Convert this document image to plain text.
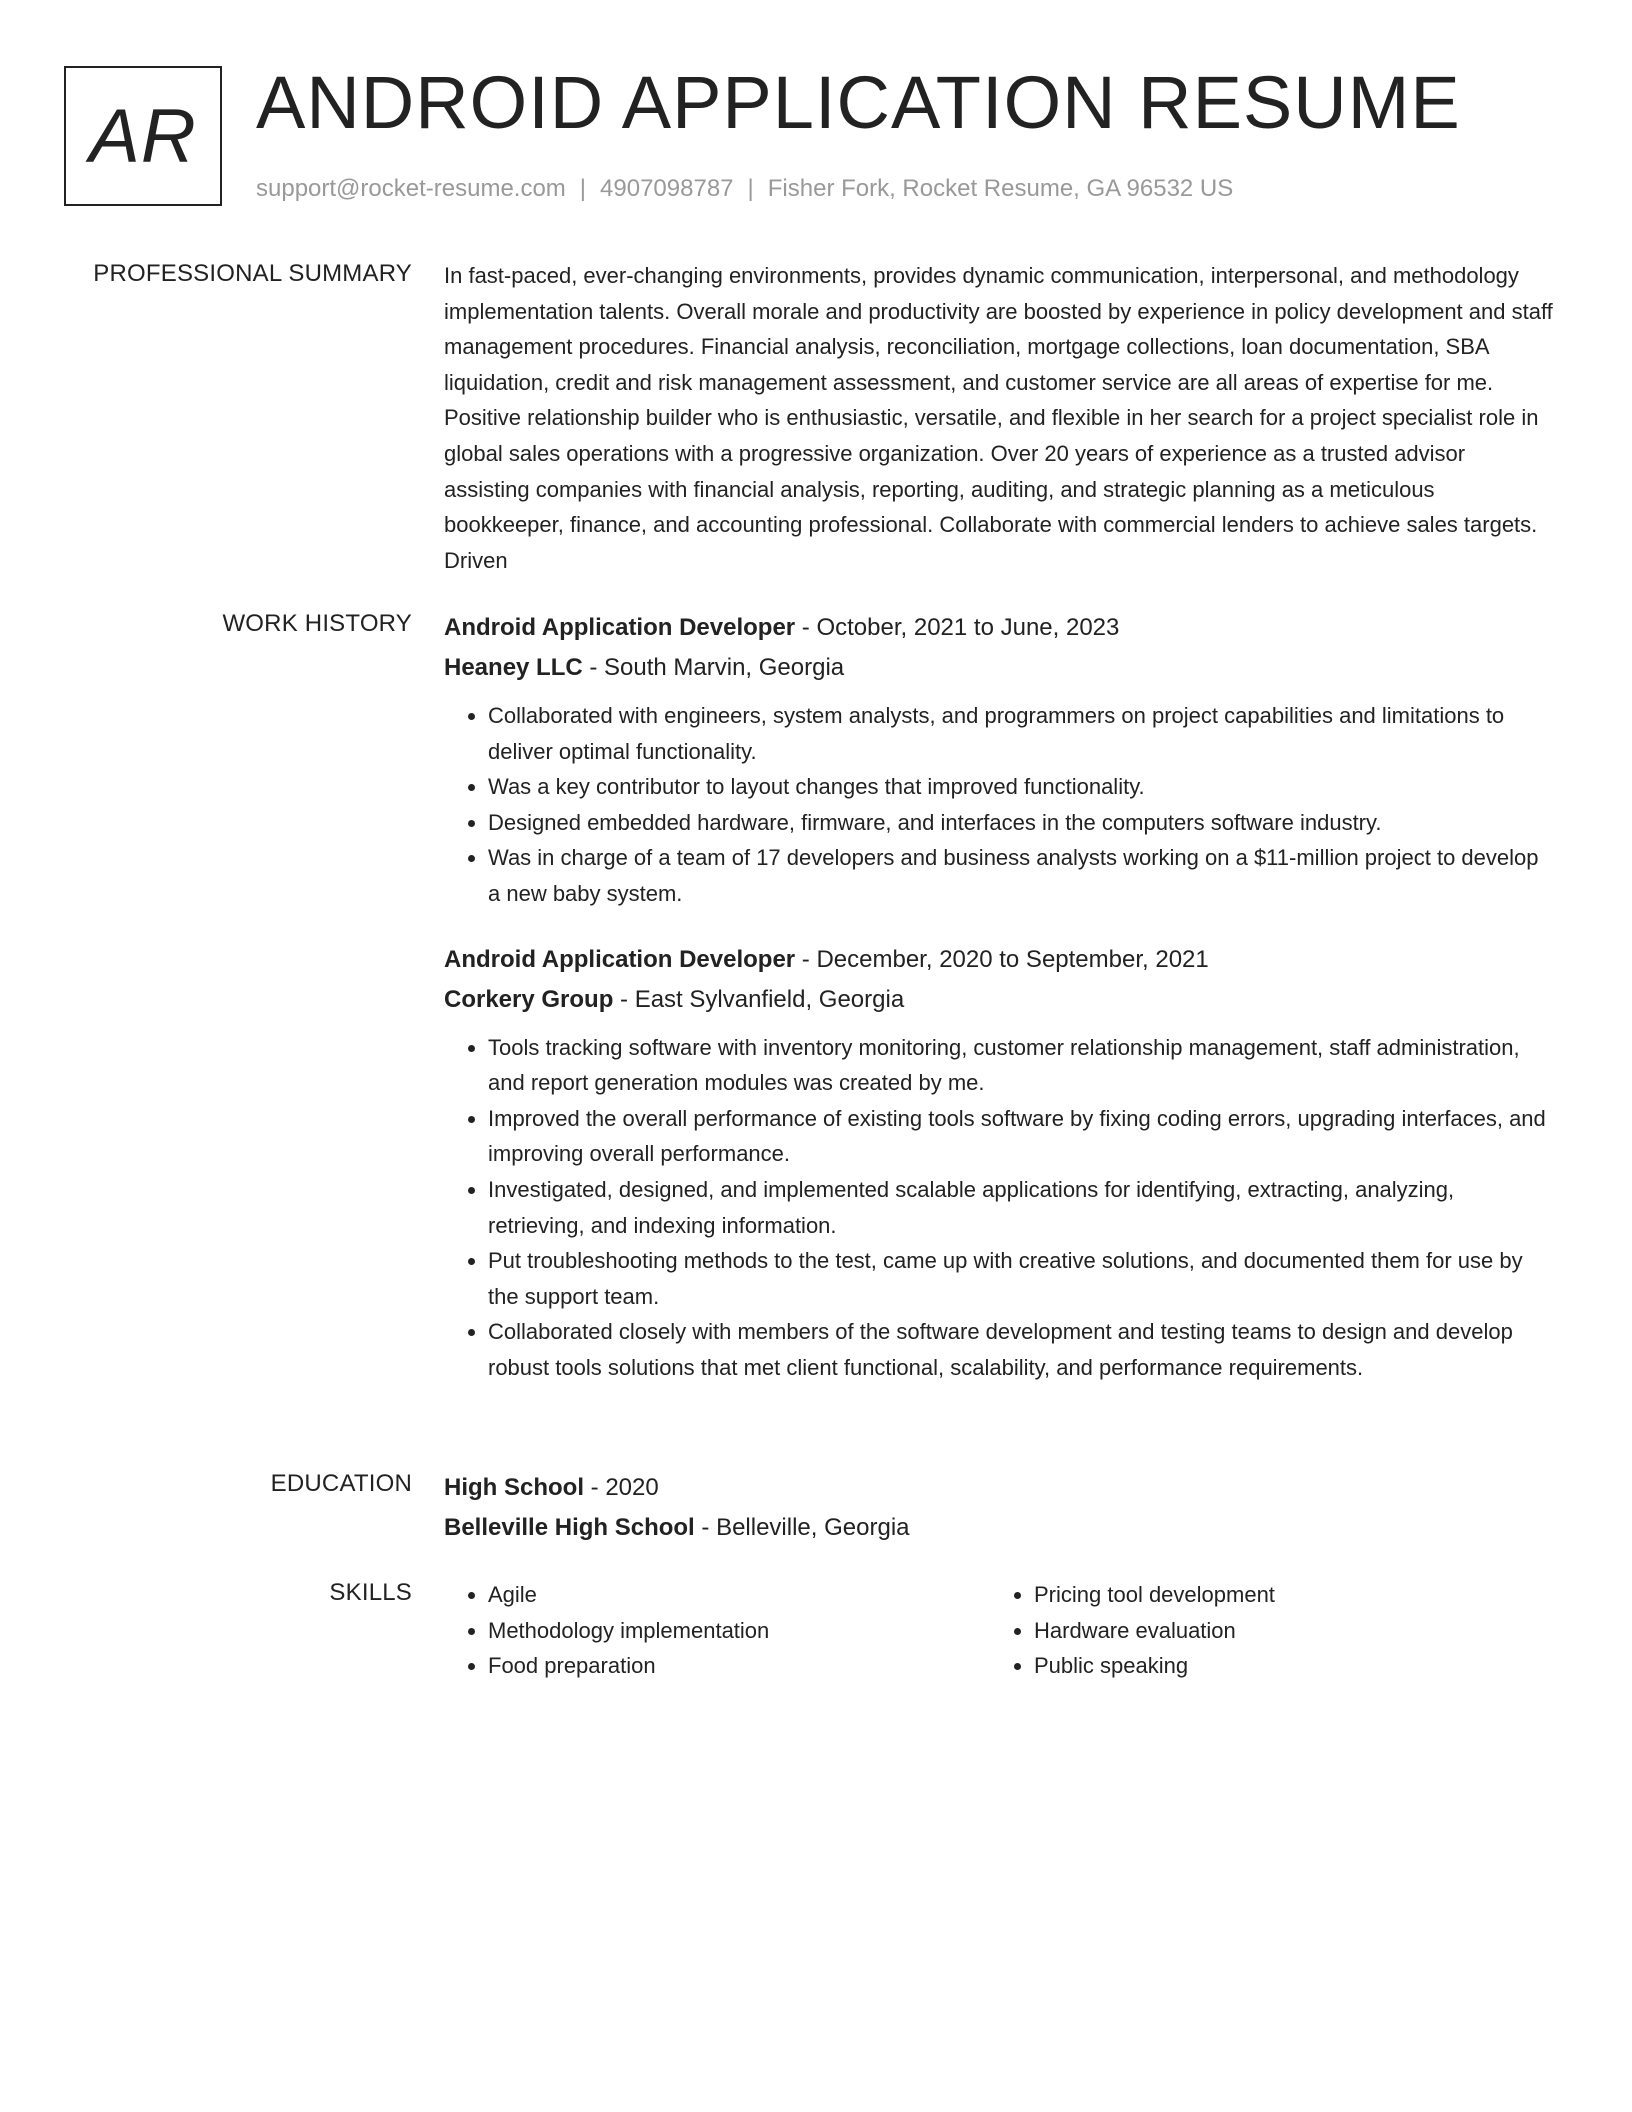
AR ANDROID APPLICATION RESUME
support@rocket-resume.com | 4907098787 | Fisher Fork, Rocket Resume, GA 96532 US
PROFESSIONAL SUMMARY In fast-paced, ever-changing environments, provides dynamic communication, interpersonal, and methodology implementation talents. Overall morale and productivity are boosted by experience in policy development and staff management procedures. Financial analysis, reconciliation, mortgage collections, loan documentation, SBA liquidation, credit and risk management assessment, and customer service are all areas of expertise for me. Positive relationship builder who is enthusiastic, versatile, and flexible in her search for a project specialist role in global sales operations with a progressive organization. Over 20 years of experience as a trusted advisor assisting companies with financial analysis, reporting, auditing, and strategic planning as a meticulous bookkeeper, finance, and accounting professional. Collaborate with commercial lenders to achieve sales targets. Driven

WORK HISTORY Android Application Developer - October, 2021 to June, 2023
Heaney LLC - South Marvin, Georgia
• Collaborated with engineers, system analysts, and programmers on project capabilities and limitations to deliver optimal functionality.
• Was a key contributor to layout changes that improved functionality.
• Designed embedded hardware, firmware, and interfaces in the computers software industry.
• Was in charge of a team of 17 developers and business analysts working on a $11-million project to develop a new baby system.
Android Application Developer - December, 2020 to September, 2021
Corkery Group - East Sylvanfield, Georgia
• Tools tracking software with inventory monitoring, customer relationship management, staff administration, and report generation modules was created by me.
• Improved the overall performance of existing tools software by fixing coding errors, upgrading interfaces, and improving overall performance.
• Investigated, designed, and implemented scalable applications for identifying, extracting, analyzing, retrieving, and indexing information.
• Put troubleshooting methods to the test, came up with creative solutions, and documented them for use by the support team.
• Collaborated closely with members of the software development and testing teams to design and develop robust tools solutions that met client functional, scalability, and performance requirements.
EDUCATION High School - 2020
Belleville High School - Belleville, Georgia
SKILLS
•	Agile
• Methodology implementation
• Food preparation
• Pricing tool development
• Hardware evaluation
• Public speaking
